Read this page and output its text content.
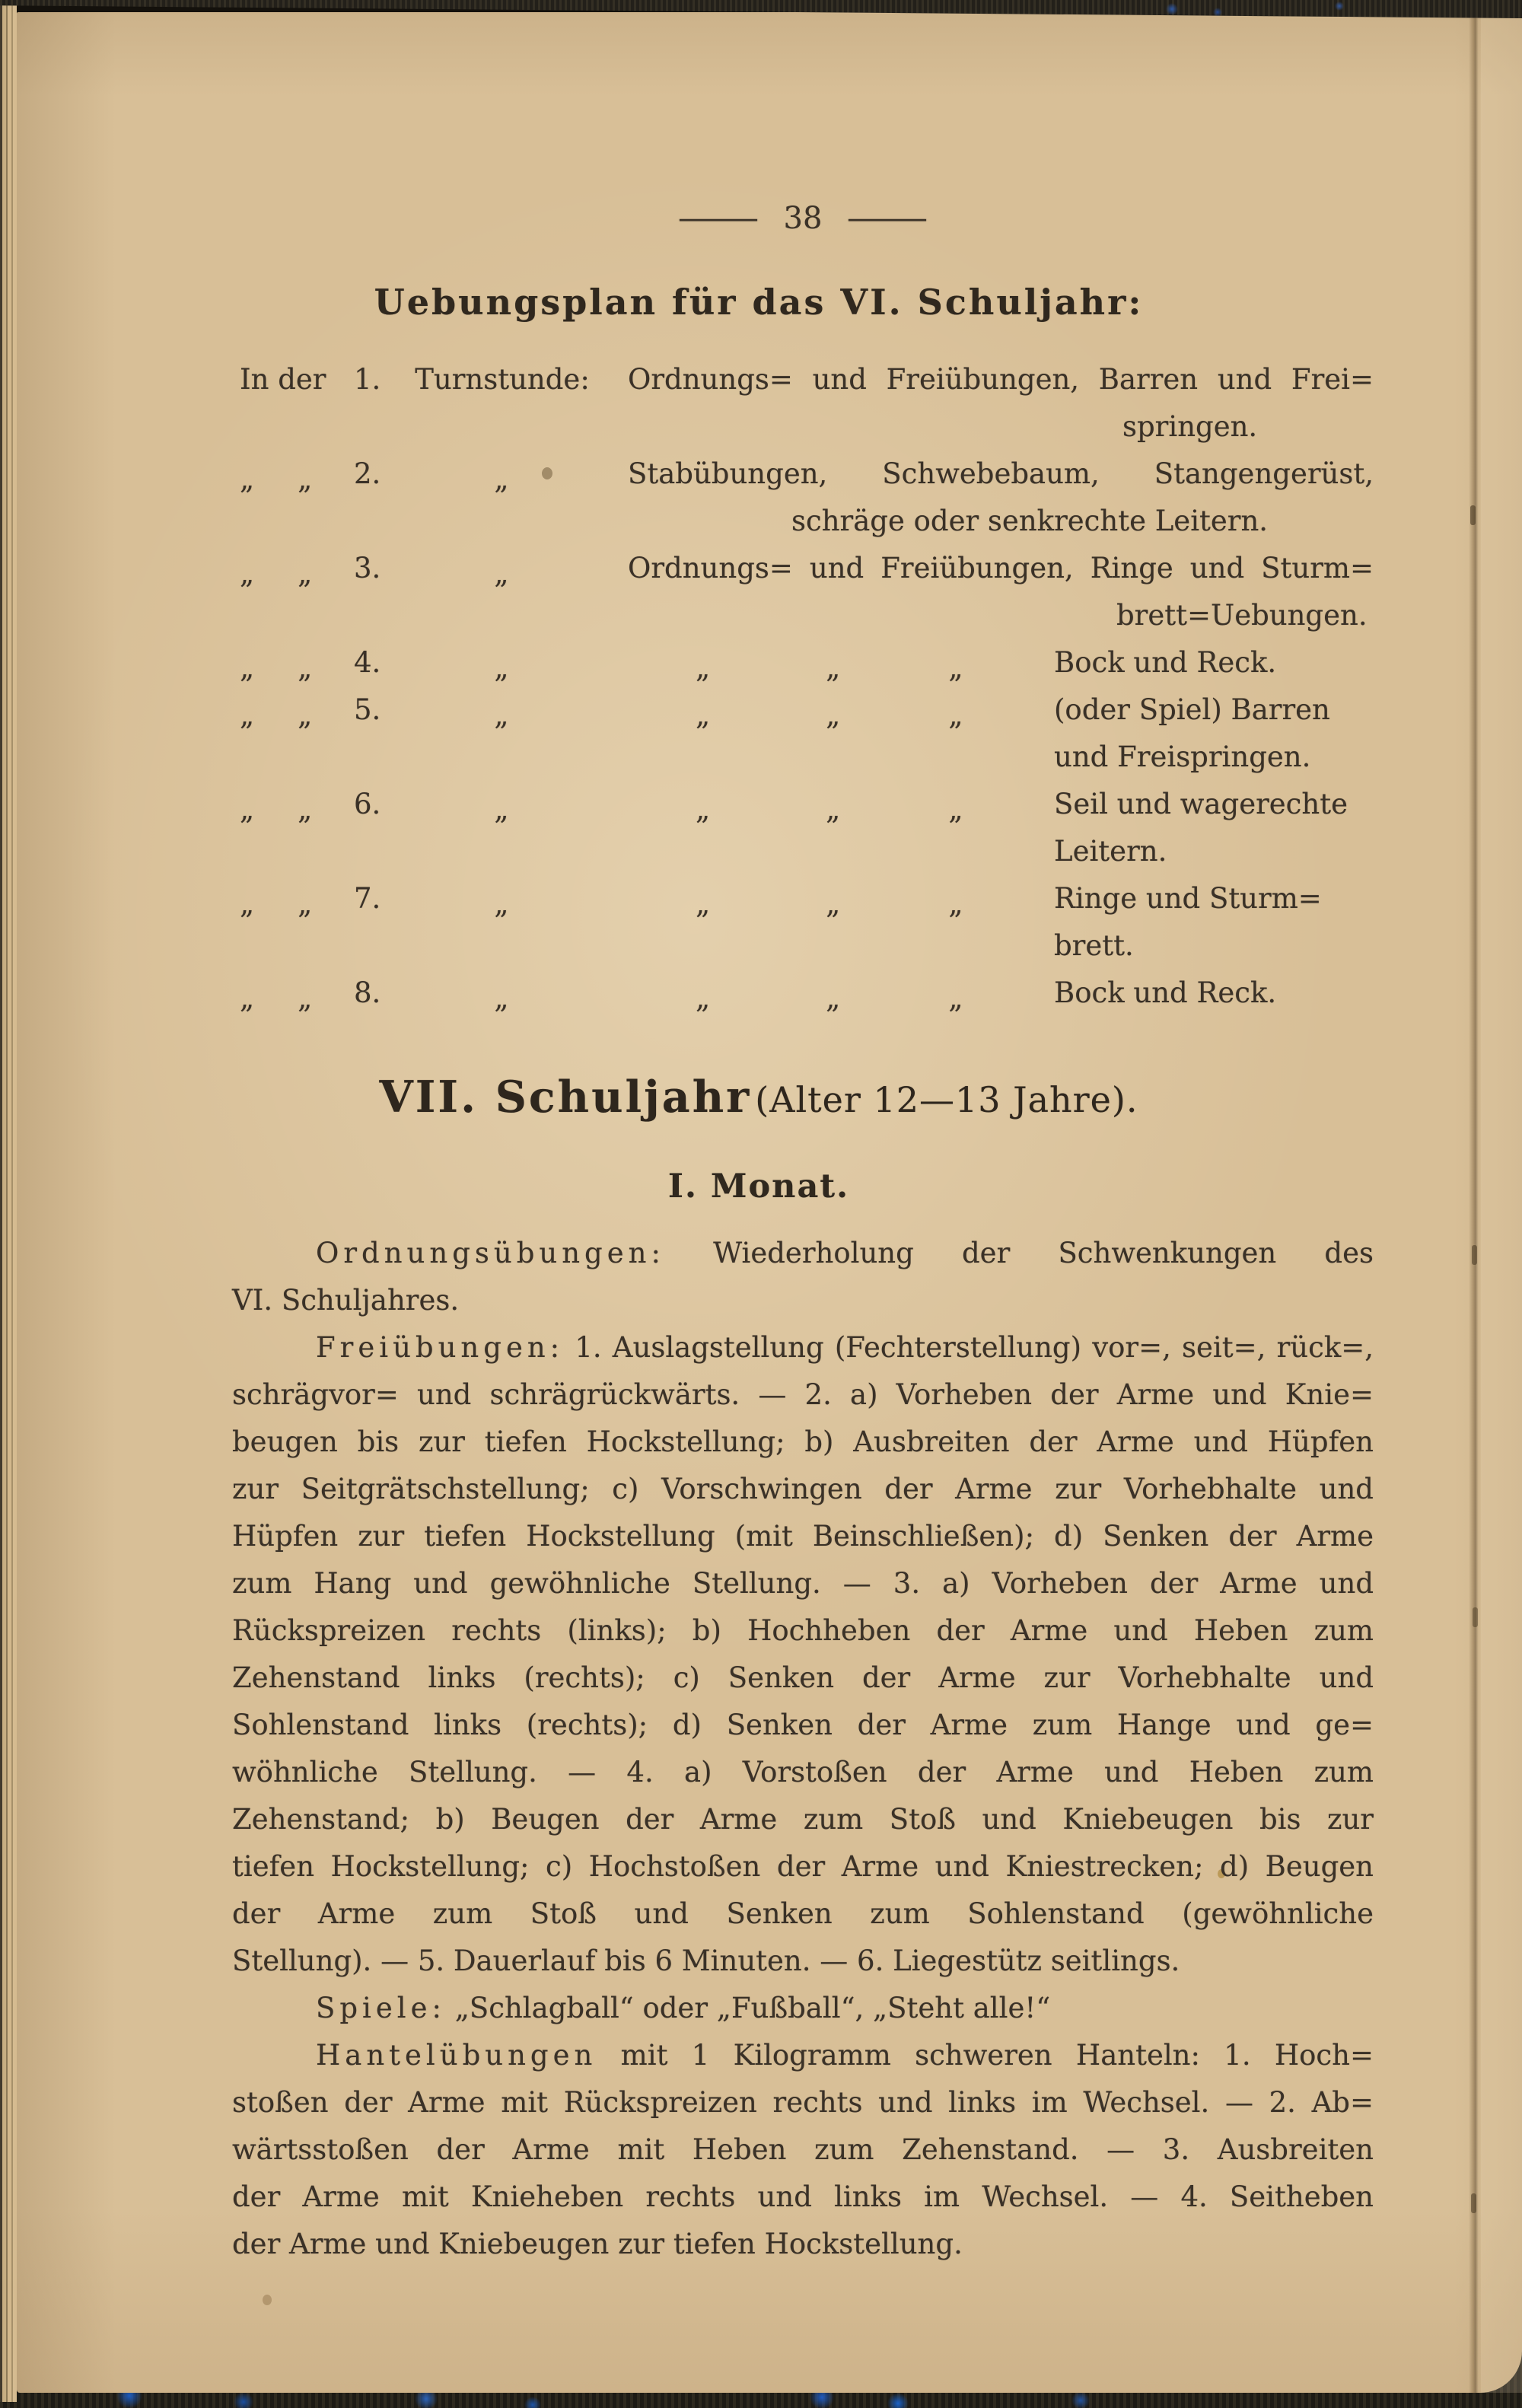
— 38 —
Uebungsplan für das VI. Schuljahr:
In der 1.	Turnstunde:	Ordnungs= und Freiübungen, Barren und Frei=
springen.
„ „	2.	„	Stabübungen, Schwebebaum, Stangengerüst,
schräge oder senkrechte Leitern.
„ „	3.	„	Ordnungs= und Freiübungen, Ringe und Sturm=
brett=Uebungen.
„ „	4.	„	„	„	„	Bock und Reck.
„ „	5.	„	„	„	„	(oder Spiel) Barren
und Freispringen.
„ „	6.	„	„	„	„	Seil und wagerechte
Leitern.
„ „	7.	„	„	„	„	Ringe und Sturm=
brett.
„ „	8.	„	„	„	„	Bock und Reck.
VII. Schuljahr (Alter 12—13 Jahre).
I. Monat.
Ordnungsübungen: Wiederholung der Schwenkungen des
VI. Schuljahres.
Freiübungen: 1. Auslagstellung (Fechterstellung) vor=, seit=, rück=,
schrägvor= und schrägrückwärts. — 2. a) Vorheben der Arme und Knie=
beugen bis zur tiefen Hockstellung; b) Ausbreiten der Arme und Hüpfen
zur Seitgrätschstellung; c) Vorschwingen der Arme zur Vorhebhalte und
Hüpfen zur tiefen Hockstellung (mit Beinschließen); d) Senken der Arme
zum Hang und gewöhnliche Stellung. — 3. a) Vorheben der Arme und
Rückspreizen rechts (links); b) Hochheben der Arme und Heben zum
Zehenstand links (rechts); c) Senken der Arme zur Vorhebhalte und
Sohlenstand links (rechts); d) Senken der Arme zum Hange und ge=
wöhnliche Stellung. — 4. a) Vorstoßen der Arme und Heben zum
Zehenstand; b) Beugen der Arme zum Stoß und Kniebeugen bis zur
tiefen Hockstellung; c) Hochstoßen der Arme und Kniestrecken; d) Beugen
der Arme zum Stoß und Senken zum Sohlenstand (gewöhnliche
Stellung). — 5. Dauerlauf bis 6 Minuten. — 6. Liegestütz seitlings.
Spiele: „Schlagball“ oder „Fußball“, „Steht alle!“
Hantelübungen mit 1 Kilogramm schweren Hanteln: 1. Hoch=
stoßen der Arme mit Rückspreizen rechts und links im Wechsel. — 2. Ab=
wärtsstoßen der Arme mit Heben zum Zehenstand. — 3. Ausbreiten
der Arme mit Knieheben rechts und links im Wechsel. — 4. Seitheben
der Arme und Kniebeugen zur tiefen Hockstellung.
